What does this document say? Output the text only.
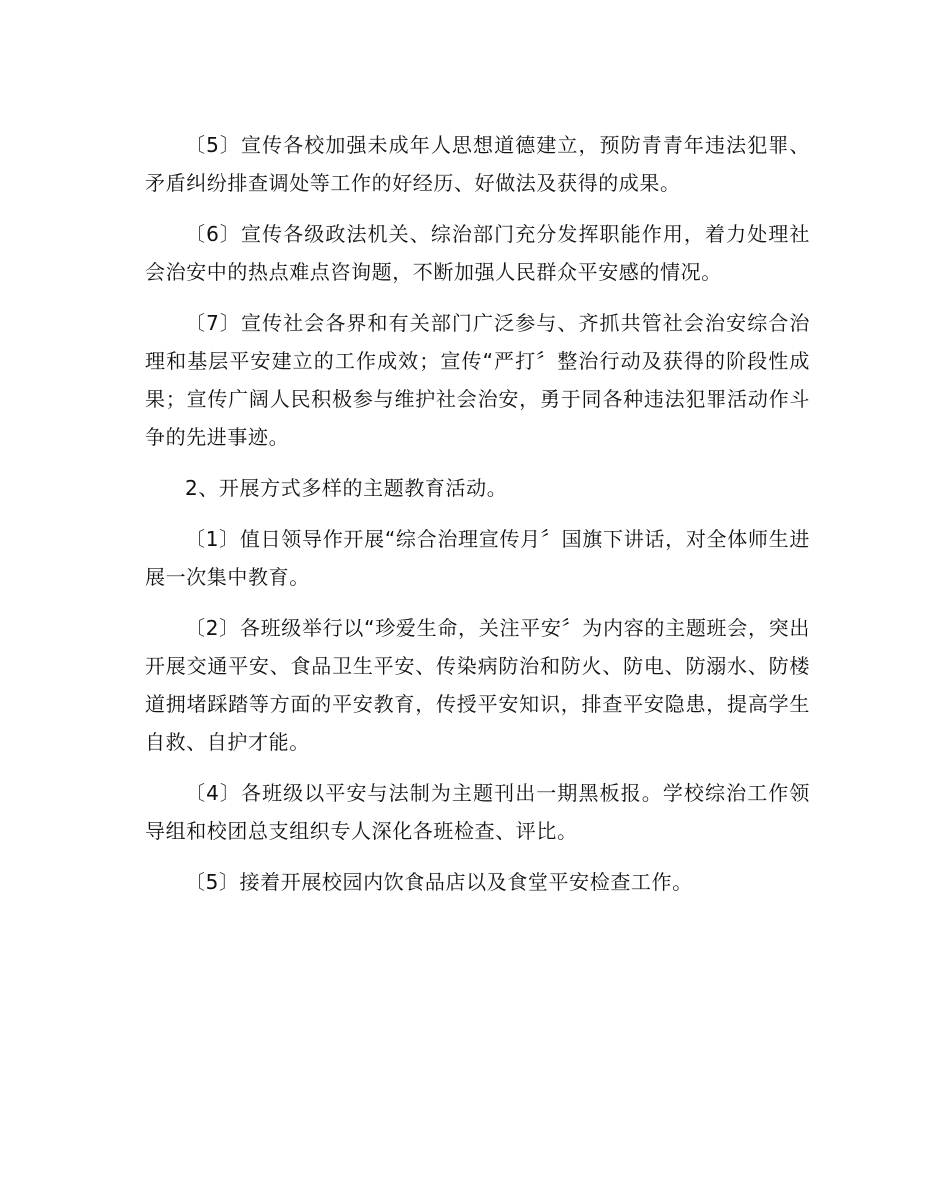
〔5〕宣传各校加强未成年人思想道德建立，预防青青年违法犯罪、矛盾纠纷排查调处等工作的好经历、好做法及获得的成果。

〔6〕宣传各级政法机关、综治部门充分发挥职能作用，着力处理社会治安中的热点难点咨询题，不断加强人民群众平安感的情况。

〔7〕宣传社会各界和有关部门广泛参与、齐抓共管社会治安综合治理和基层平安建立的工作成效；宣传“严打〞整治行动及获得的阶段性成果；宣传广阔人民积极参与维护社会治安，勇于同各种违法犯罪活动作斗争的先进事迹。

2、开展方式多样的主题教育活动。

〔1〕值日领导作开展“综合治理宣传月〞国旗下讲话，对全体师生进展一次集中教育。

〔2〕各班级举行以“珍爱生命，关注平安〞为内容的主题班会，突出开展交通平安、食品卫生平安、传染病防治和防火、防电、防溺水、防楼道拥堵踩踏等方面的平安教育，传授平安知识，排查平安隐患，提高学生自救、自护才能。

〔4〕各班级以平安与法制为主题刊出一期黑板报。学校综治工作领导组和校团总支组织专人深化各班检查、评比。

〔5〕接着开展校园内饮食品店以及食堂平安检查工作。
